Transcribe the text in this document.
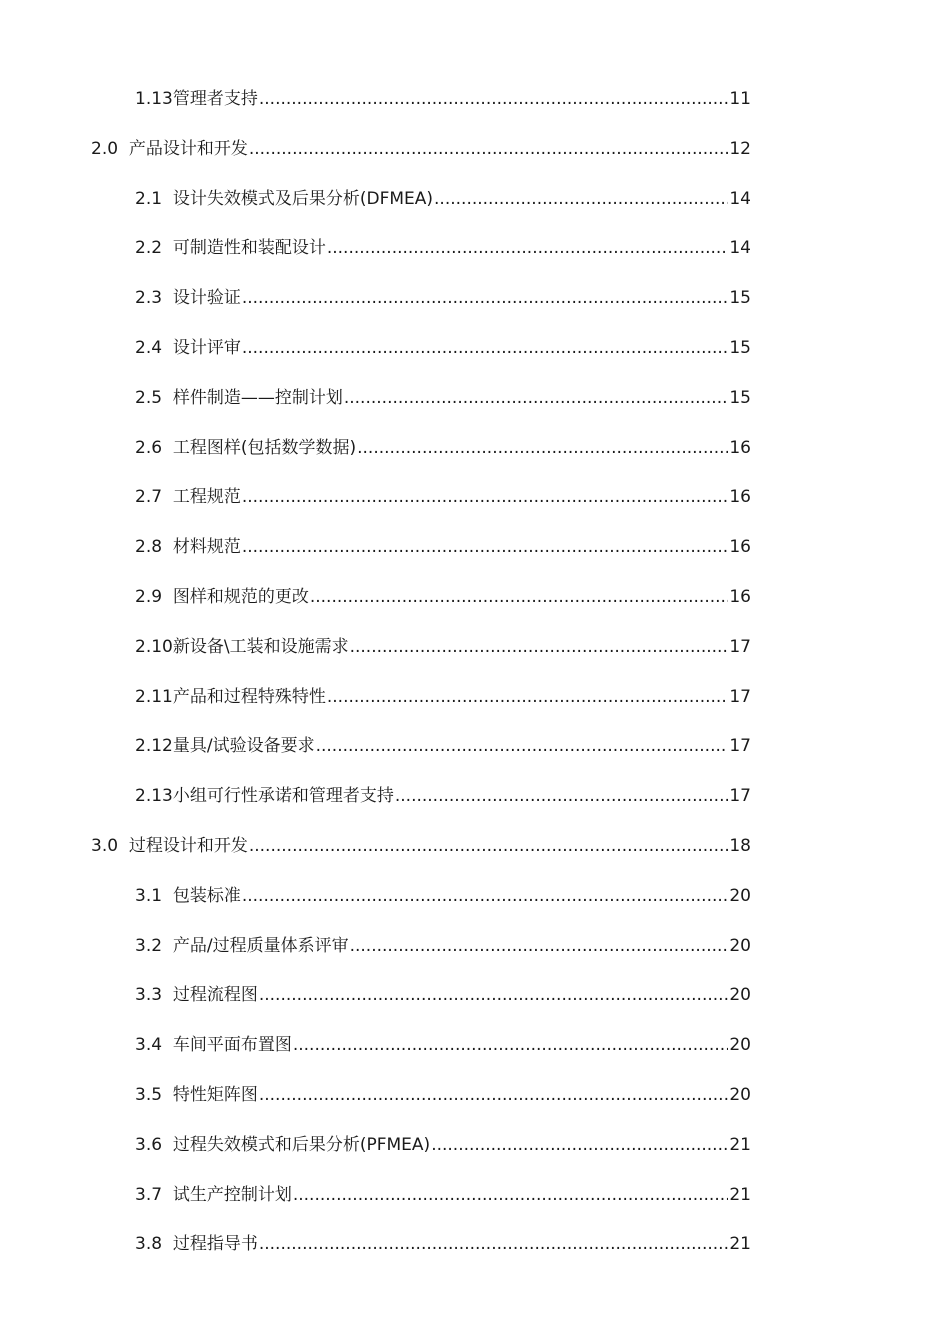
1.13 管理者支持 .....	11
2.0 产品设计和开发 .....	12
2.1 设计失效模式及后果分析(DFMEA) .....	14
2.2 可制造性和装配设计 .....	14
2.3 设计验证 .....	15
2.4 设计评审 .....	15
2.5 样件制造——控制计划 .....	15
2.6 工程图样(包括数学数据) .....	16
2.7 工程规范 .....	16
2.8 材料规范 .....	16
2.9 图样和规范的更改 .....	16
2.10 新设备\工装和设施需求 .....	17
2.11 产品和过程特殊特性 .....	17
2.12 量具/试验设备要求 .....	17
2.13 小组可行性承诺和管理者支持 .....	17
3.0 过程设计和开发 .....	18
3.1 包装标准 .....	20
3.2 产品/过程质量体系评审 .....	20
3.3 过程流程图 .....	20
3.4 车间平面布置图 .....	20
3.5 特性矩阵图 .....	20
3.6 过程失效模式和后果分析(PFMEA) .....	21
3.7 试生产控制计划 .....	21
3.8 过程指导书 .....	21
